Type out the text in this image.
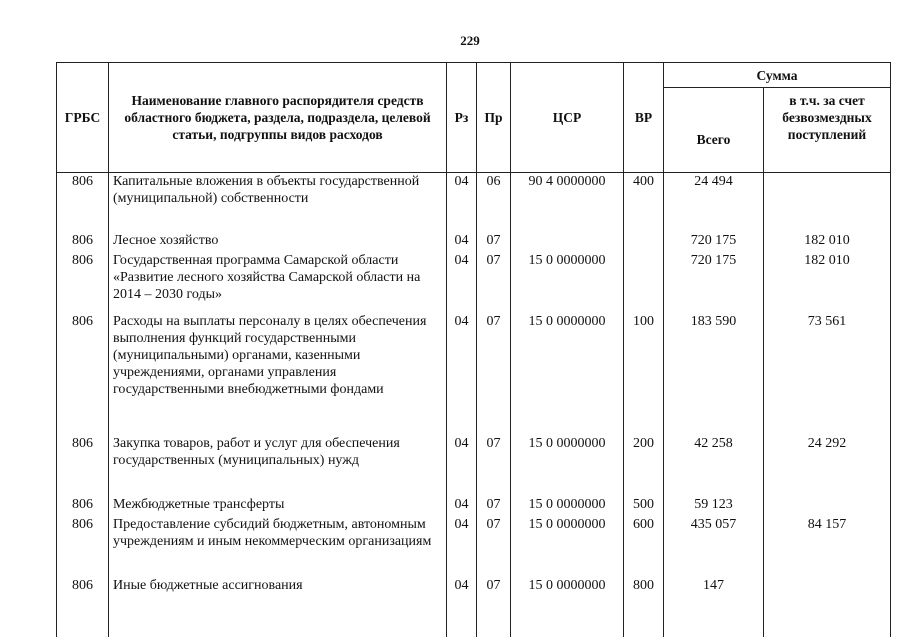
229
ГРБС	Наименование главного распорядителя средств областного бюджета, раздела, подраздела, целевой статьи, подгруппы видов расходов	Рз	Пр	ЦСР	ВР	Сумма	
						Всего	в т.ч. за счет безвозмездных поступлений
806	Капитальные вложения в объекты государственной (муниципальной) собственности	04	06	90 4 0000000	400	24 494	
806	Лесное хозяйство	04	07			720 175	182 010
806	Государственная программа Самарской области «Развитие лесного хозяйства Самарской области на 2014 – 2030 годы»	04	07	15 0 0000000		720 175	182 010
806	Расходы на выплаты персоналу в целях обеспечения выполнения функций государственными (муниципальными) органами, казенными учреждениями, органами управления государственными внебюджетными фондами	04	07	15 0 0000000	100	183 590	73 561
806	Закупка товаров, работ и услуг для обеспечения государственных (муниципальных) нужд	04	07	15 0 0000000	200	42 258	24 292
806	Межбюджетные трансферты	04	07	15 0 0000000	500	59 123	
806	Предоставление субсидий бюджетным, автономным учреждениям и иным некоммерческим организациям	04	07	15 0 0000000	600	435 057	84 157
806	Иные бюджетные ассигнования	04	07	15 0 0000000	800	147	
